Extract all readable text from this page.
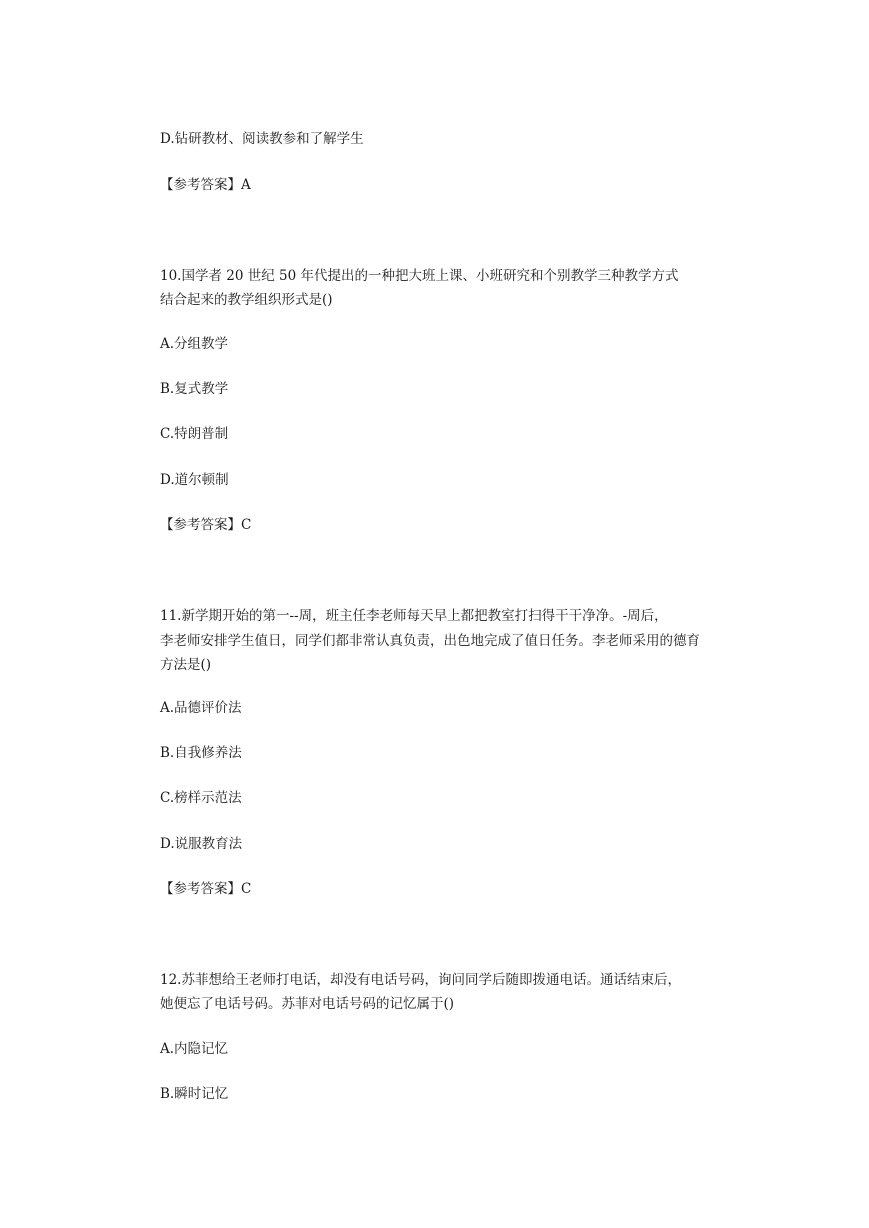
D.钻研教材、阅读教参和了解学生
【参考答案】A
10.国学者 20 世纪 50 年代提出的一种把大班上课、小班研究和个别教学三种教学方式
结合起来的教学组织形式是()
A.分组教学
B.复式教学
C.特朗普制
D.道尔顿制
【参考答案】C
11.新学期开始的第一--周，班主任李老师每天早上都把教室打扫得干干净净。-周后，
李老师安排学生值日，同学们都非常认真负责，出色地完成了值日任务。李老师采用的德育
方法是()
A.品德评价法
B.自我修养法
C.榜样示范法
D.说服教育法
【参考答案】C
12.苏菲想给王老师打电话，却没有电话号码，询问同学后随即拨通电话。通话结束后，
她便忘了电话号码。苏菲对电话号码的记忆属于()
A.内隐记忆
B.瞬时记忆
